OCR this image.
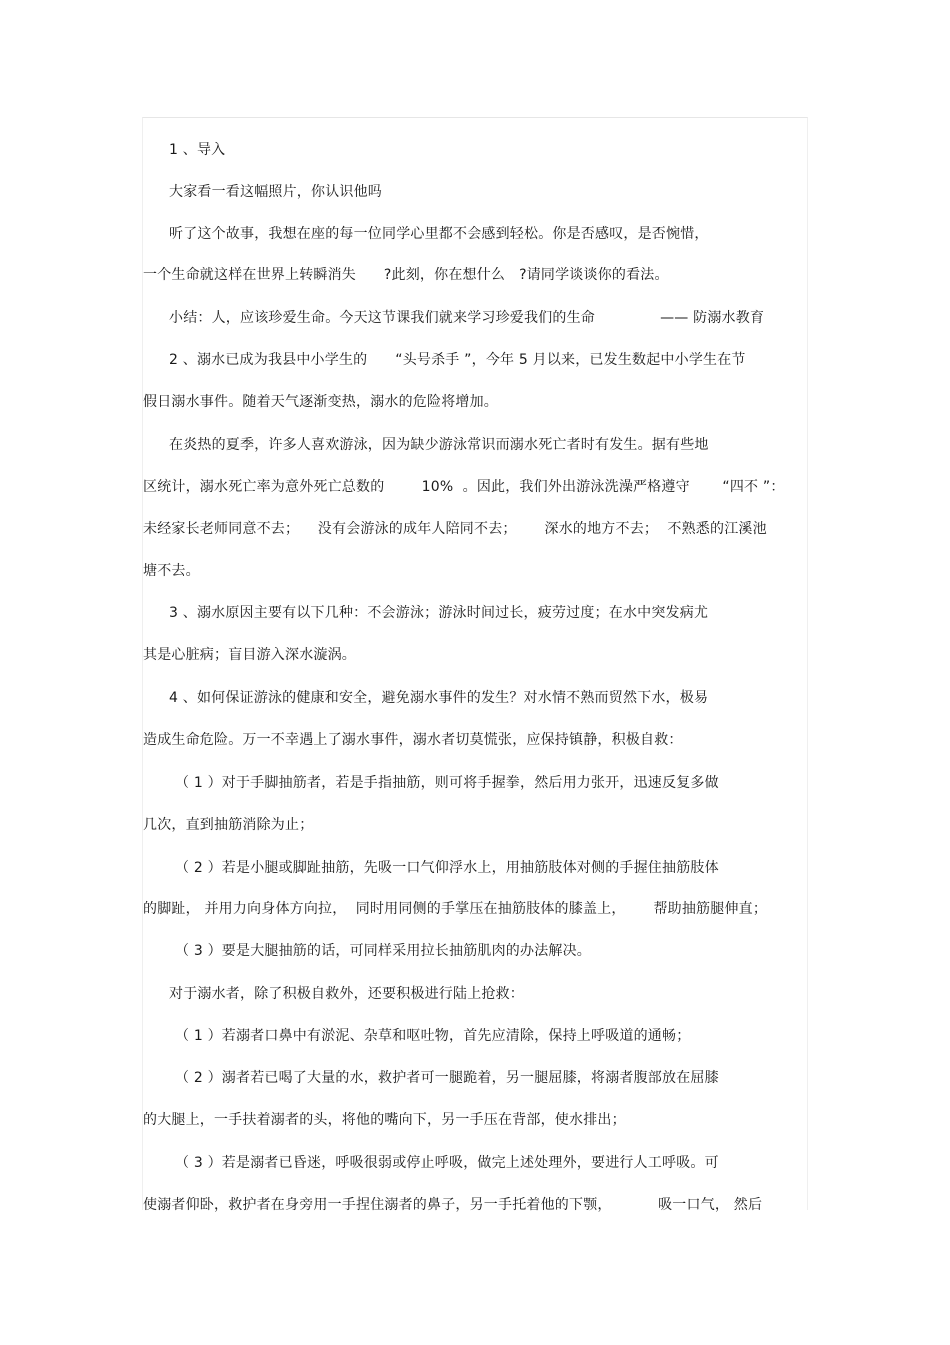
1 、导入
大家看一看这幅照片，你认识他吗
听了这个故事，我想在座的每一位同学心里都不会感到轻松。你是否感叹，是否惋惜，
一个生命就这样在世界上转瞬消失      ?此刻，你在想什么   ?请同学谈谈你的看法。
小结：人，应该珍爱生命。今天这节课我们就来学习珍爱我们的生命              —— 防溺水教育
2 、溺水已成为我县中小学生的      “头号杀手 ”，今年 5 月以来，已发生数起中小学生在节
假日溺水事件。随着天气逐渐变热，溺水的危险将增加。
在炎热的夏季，许多人喜欢游泳，因为缺少游泳常识而溺水死亡者时有发生。据有些地
区统计，溺水死亡率为意外死亡总数的        10%  。因此，我们外出游泳洗澡严格遵守       “四不 ”：
未经家长老师同意不去；    没有会游泳的成年人陪同不去；      深水的地方不去；  不熟悉的江溪池
塘不去。
3 、溺水原因主要有以下几种：不会游泳；游泳时间过长，疲劳过度；在水中突发病尤
其是心脏病；盲目游入深水漩涡。
4 、如何保证游泳的健康和安全，避免溺水事件的发生？对水情不熟而贸然下水，极易
造成生命危险。万一不幸遇上了溺水事件，溺水者切莫慌张，应保持镇静，积极自救：
（ 1 ）对于手脚抽筋者，若是手指抽筋，则可将手握拳，然后用力张开，迅速反复多做
几次，直到抽筋消除为止；
（ 2 ）若是小腿或脚趾抽筋，先吸一口气仰浮水上，用抽筋肢体对侧的手握住抽筋肢体
的脚趾， 并用力向身体方向拉，  同时用同侧的手掌压在抽筋肢体的膝盖上，      帮助抽筋腿伸直；
（ 3 ）要是大腿抽筋的话，可同样采用拉长抽筋肌肉的办法解决。
对于溺水者，除了积极自救外，还要积极进行陆上抢救：
（ 1 ）若溺者口鼻中有淤泥、杂草和呕吐物，首先应清除，保持上呼吸道的通畅；
（ 2 ）溺者若已喝了大量的水，救护者可一腿跪着，另一腿屈膝，将溺者腹部放在屈膝
的大腿上，一手扶着溺者的头，将他的嘴向下，另一手压在背部，使水排出；
（ 3 ）若是溺者已昏迷，呼吸很弱或停止呼吸，做完上述处理外，要进行人工呼吸。可
使溺者仰卧，救护者在身旁用一手捏住溺者的鼻子，另一手托着他的下颚，          吸一口气， 然后
